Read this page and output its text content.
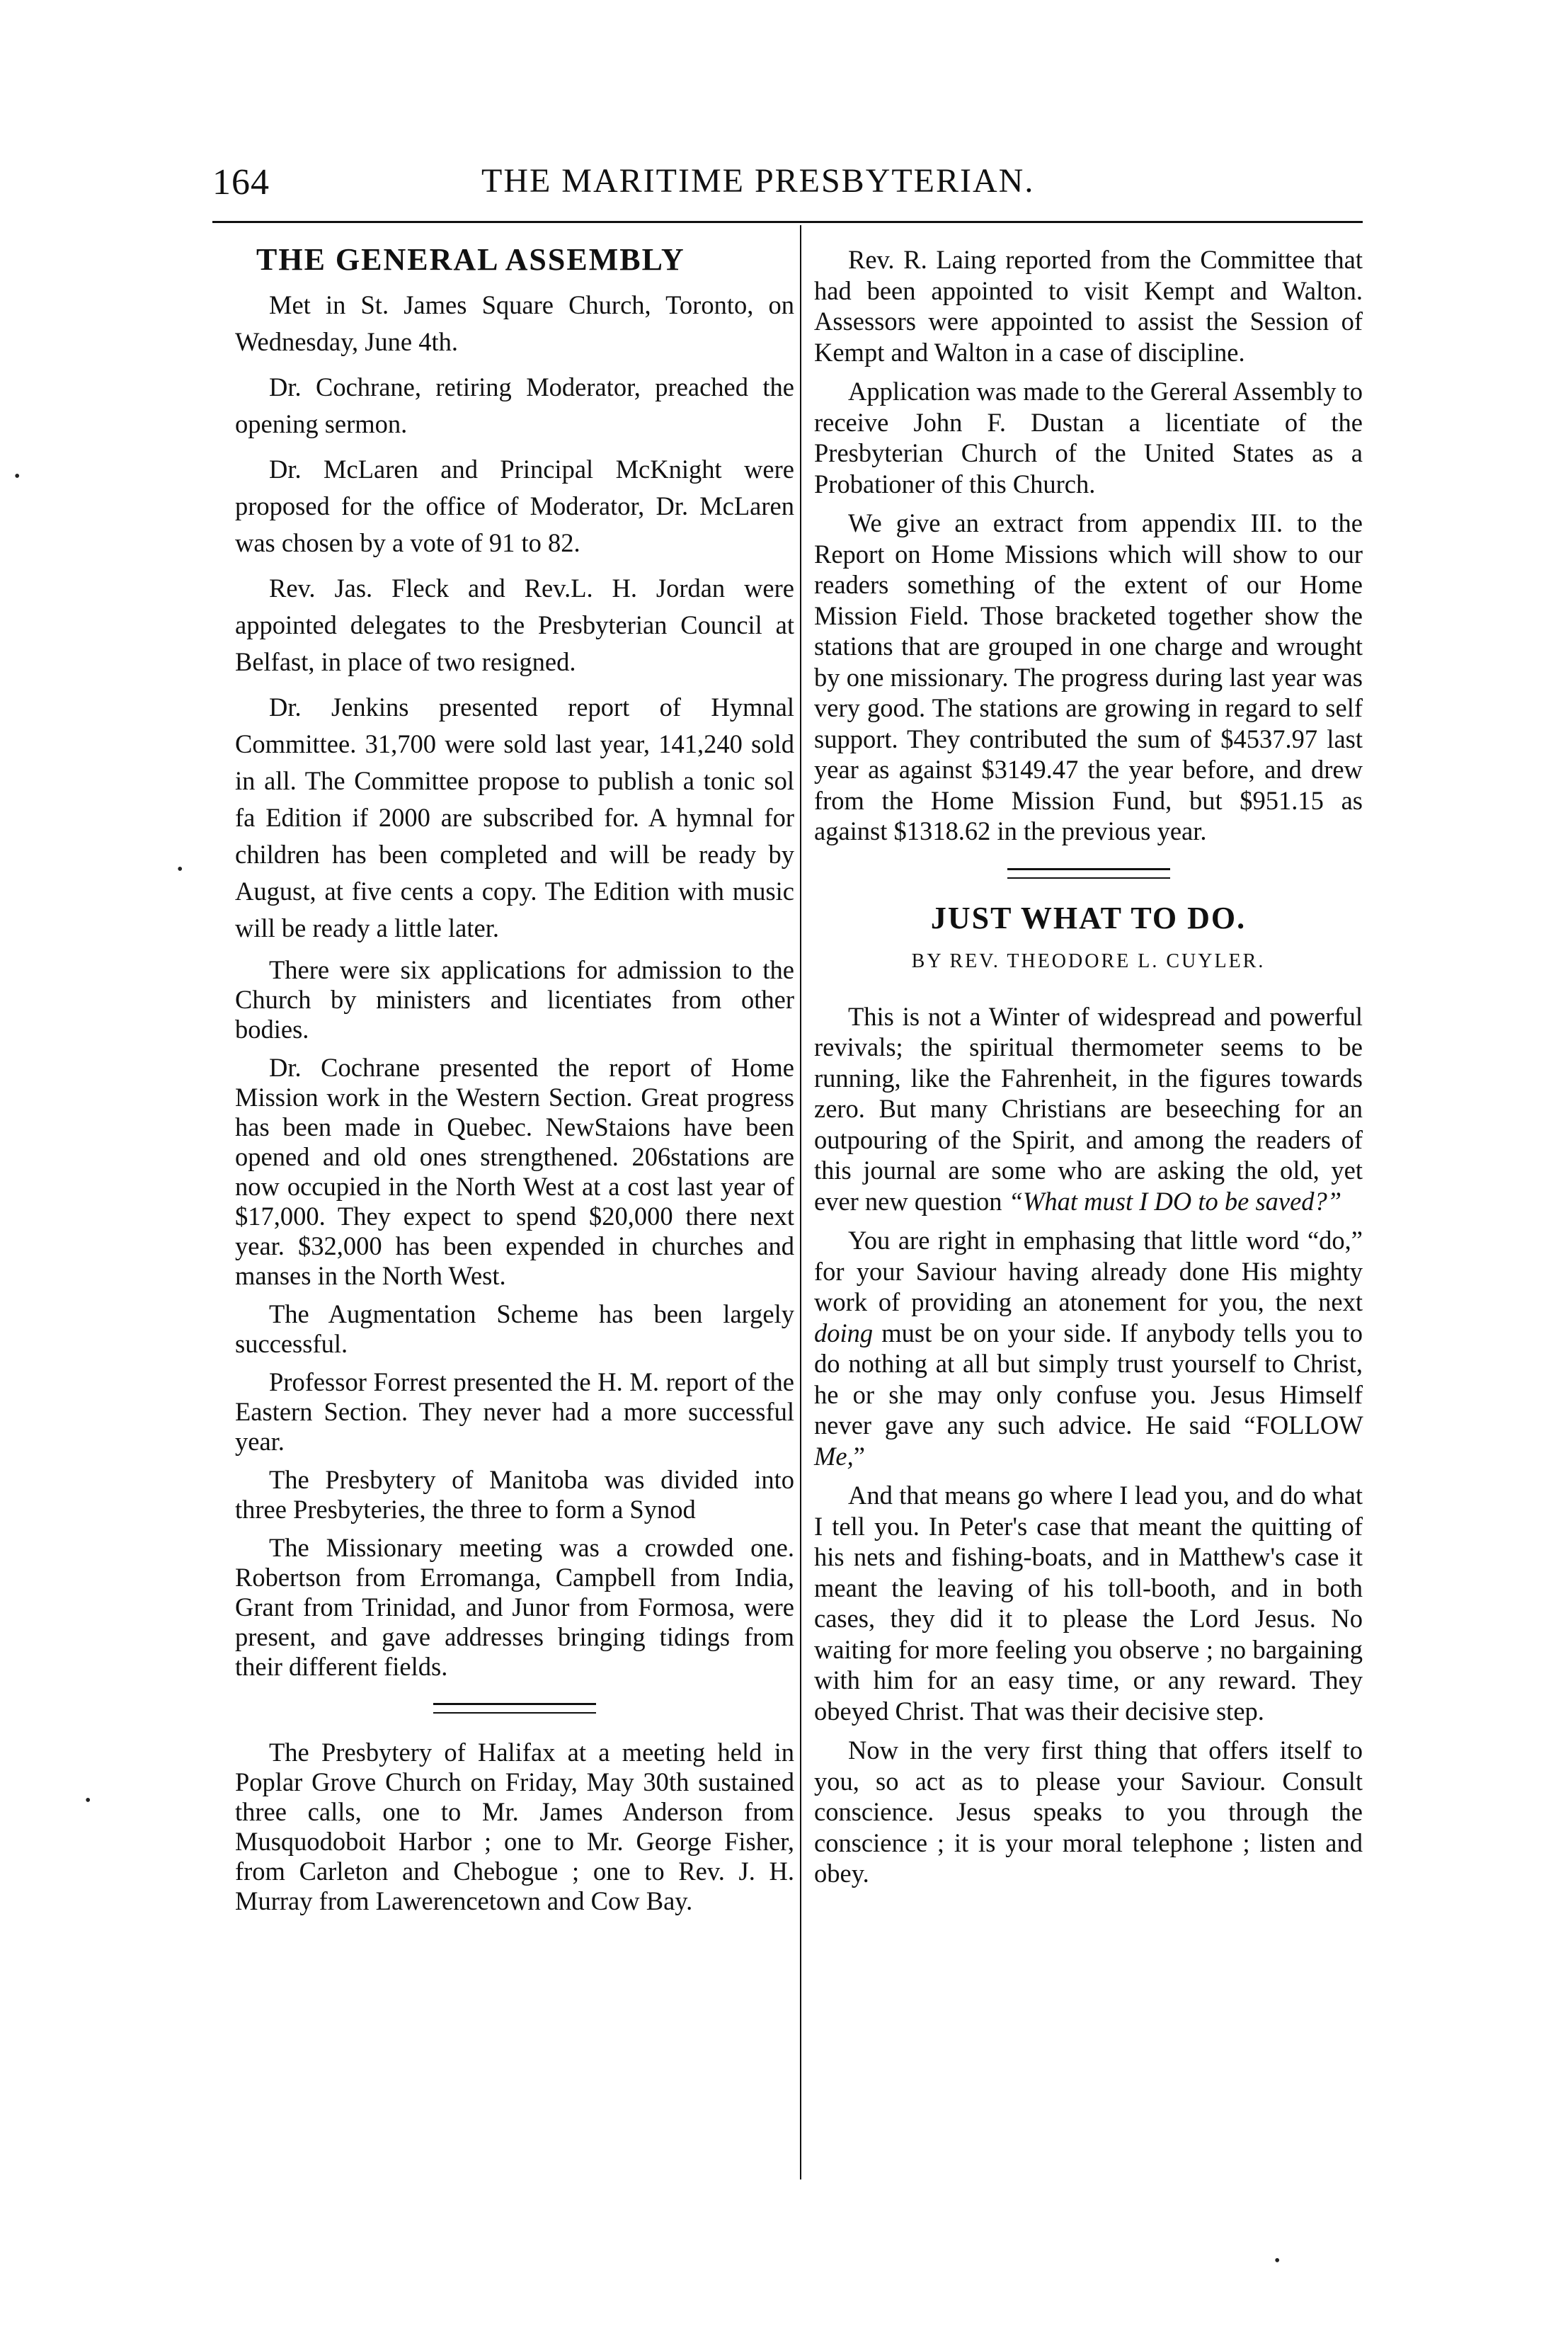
164	THE MARITIME PRESBYTERIAN.
THE GENERAL ASSEMBLY

Met in St. James Square Church, Toronto, on Wednesday, June 4th.

Dr. Cochrane, retiring Moderator, preached the opening sermon.

Dr. McLaren and Principal McKnight were proposed for the office of Moderator, Dr. McLaren was chosen by a vote of 91 to 82.

Rev. Jas. Fleck and Rev.L. H. Jordan were appointed delegates to the Presbyterian Council at Belfast, in place of two resigned.

Dr. Jenkins presented report of Hymnal Committee. 31,700 were sold last year, 141,240 sold in all. The Committee propose to publish a tonic sol fa Edition if 2000 are subscribed for. A hymnal for children has been completed and will be ready by August, at five cents a copy. The Edition with music will be ready a little later.

There were six applications for admission to the Church by ministers and licentiates from other bodies.

Dr. Cochrane presented the report of Home Mission work in the Western Section. Great progress has been made in Quebec. NewStaions have been opened and old ones strengthened. 206stations are now occupied in the North West at a cost last year of $17,000. They expect to spend $20,000 there next year. $32,000 has been expended in churches and manses in the North West.

The Augmentation Scheme has been largely successful.

Professor Forrest presented the H. M. report of the Eastern Section. They never had a more successful year.

The Presbytery of Manitoba was divided into three Presbyteries, the three to form a Synod

The Missionary meeting was a crowded one. Robertson from Erromanga, Campbell from India, Grant from Trinidad, and Junor from Formosa, were present, and gave addresses bringing tidings from their different fields.

The Presbytery of Halifax at a meeting held in Poplar Grove Church on Friday, May 30th sustained three calls, one to Mr. James Anderson from Musquodoboit Harbor ; one to Mr. George Fisher, from Carleton and Chebogue ; one to Rev. J. H. Murray from Lawerencetown and Cow Bay.

Rev. R. Laing reported from the Committee that had been appointed to visit Kempt and Walton. Assessors were appointed to assist the Session of Kempt and Walton in a case of discipline.

Application was made to the Gereral Assembly to receive John F. Dustan a licentiate of the Presbyterian Church of the United States as a Probationer of this Church.

We give an extract from appendix III. to the Report on Home Missions which will show to our readers something of the extent of our Home Mission Field. Those bracketed together show the stations that are grouped in one charge and wrought by one missionary. The progress during last year was very good. The stations are growing in regard to self support. They contributed the sum of $4537.97 last year as against $3149.47 the year before, and drew from the Home Mission Fund, but $951.15 as against $1318.62 in the previous year.

JUST WHAT TO DO.
BY REV. THEODORE L. CUYLER.

This is not a Winter of widespread and powerful revivals; the spiritual thermometer seems to be running, like the Fahrenheit, in the figures towards zero. But many Christians are beseeching for an outpouring of the Spirit, and among the readers of this journal are some who are asking the old, yet ever new question “What must I DO to be saved?”

You are right in emphasing that little word “do,” for your Saviour having already done His mighty work of providing an atonement for you, the next doing must be on your side. If anybody tells you to do nothing at all but simply trust yourself to Christ, he or she may only confuse you. Jesus Himself never gave any such advice. He said “FOLLOW Me,”

And that means go where I lead you, and do what I tell you. In Peter's case that meant the quitting of his nets and fishing-boats, and in Matthew's case it meant the leaving of his toll-booth, and in both cases, they did it to please the Lord Jesus. No waiting for more feeling you observe ; no bargaining with him for an easy time, or any reward. They obeyed Christ. That was their decisive step.

Now in the very first thing that offers itself to you, so act as to please your Saviour. Consult conscience. Jesus speaks to you through the conscience ; it is your moral telephone ; listen and obey.

•
•
•
•
